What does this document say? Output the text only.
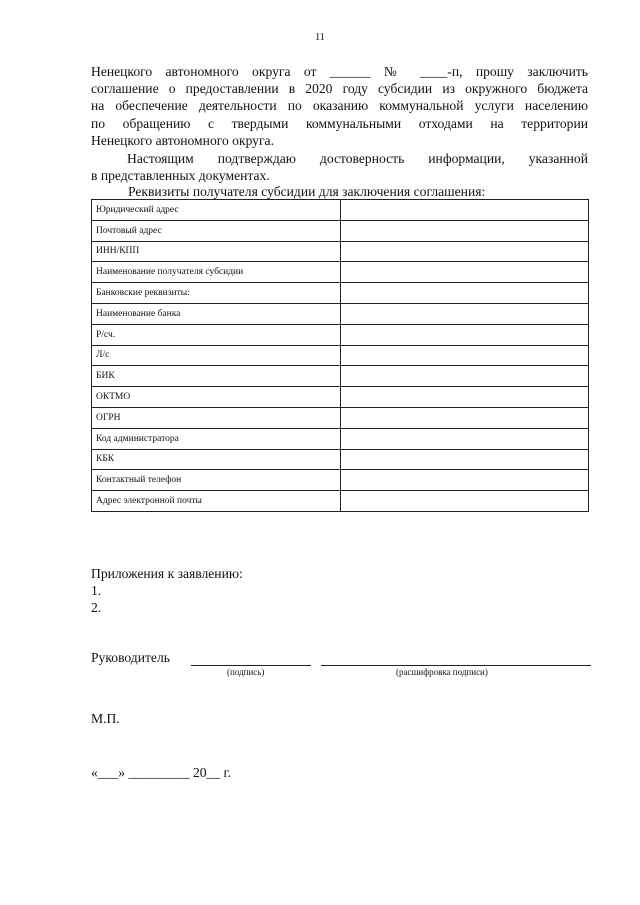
11
Ненецкого автономного округа от ______ № ____-п, прошу заключить
соглашение о предоставлении в 2020 году субсидии из окружного бюджета
на обеспечение деятельности по оказанию коммунальной услуги населению
по обращению с твердыми коммунальными отходами на территории
Ненецкого автономного округа.
Настоящим подтверждаю достоверность информации, указанной
в представленных документах.
Реквизиты получателя субсидии для заключения соглашения:
Юридический адрес	
Почтовый адрес	
ИНН/КПП	
Наименование получателя субсидии	
Банковские реквизиты:	
Наименование банка	
Р/сч.	
Л/с	
БИК	
ОКТМО	
ОГРН	
Код администратора	
КБК	
Контактный телефон	
Адрес электронной почты	
Приложения к заявлению:
1.
2.
Руководитель
(подпись)	(расшифровка подписи)
М.П.
«___» _________ 20__ г.
